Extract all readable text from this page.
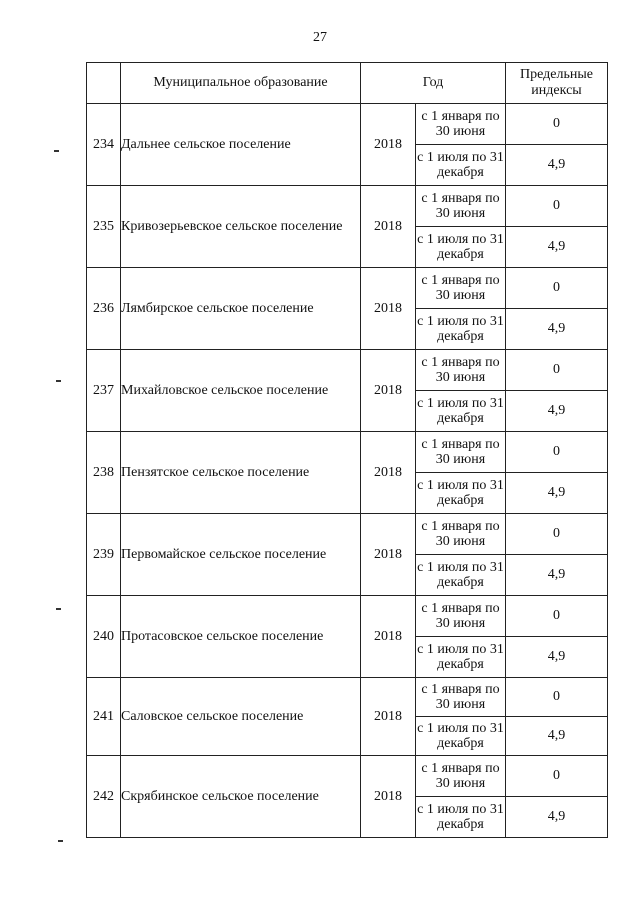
27
	Муниципальное образование	Год		Предельные индексы
234	Дальнее сельское поселение	2018	с 1 января по 30 июня	0
			с 1 июля по 31 декабря	4,9
235	Кривозерьевское сельское поселение	2018	с 1 января по 30 июня	0
			с 1 июля по 31 декабря	4,9
236	Лямбирское сельское поселение	2018	с 1 января по 30 июня	0
			с 1 июля по 31 декабря	4,9
237	Михайловское сельское поселение	2018	с 1 января по 30 июня	0
			с 1 июля по 31 декабря	4,9
238	Пензятское сельское поселение	2018	с 1 января по 30 июня	0
			с 1 июля по 31 декабря	4,9
239	Первомайское сельское поселение	2018	с 1 января по 30 июня	0
			с 1 июля по 31 декабря	4,9
240	Протасовское сельское поселение	2018	с 1 января по 30 июня	0
			с 1 июля по 31 декабря	4,9
241	Саловское сельское поселение	2018	с 1 января по 30 июня	0
			с 1 июля по 31 декабря	4,9
242	Скрябинское сельское поселение	2018	с 1 января по 30 июня	0
			с 1 июля по 31 декабря	4,9
